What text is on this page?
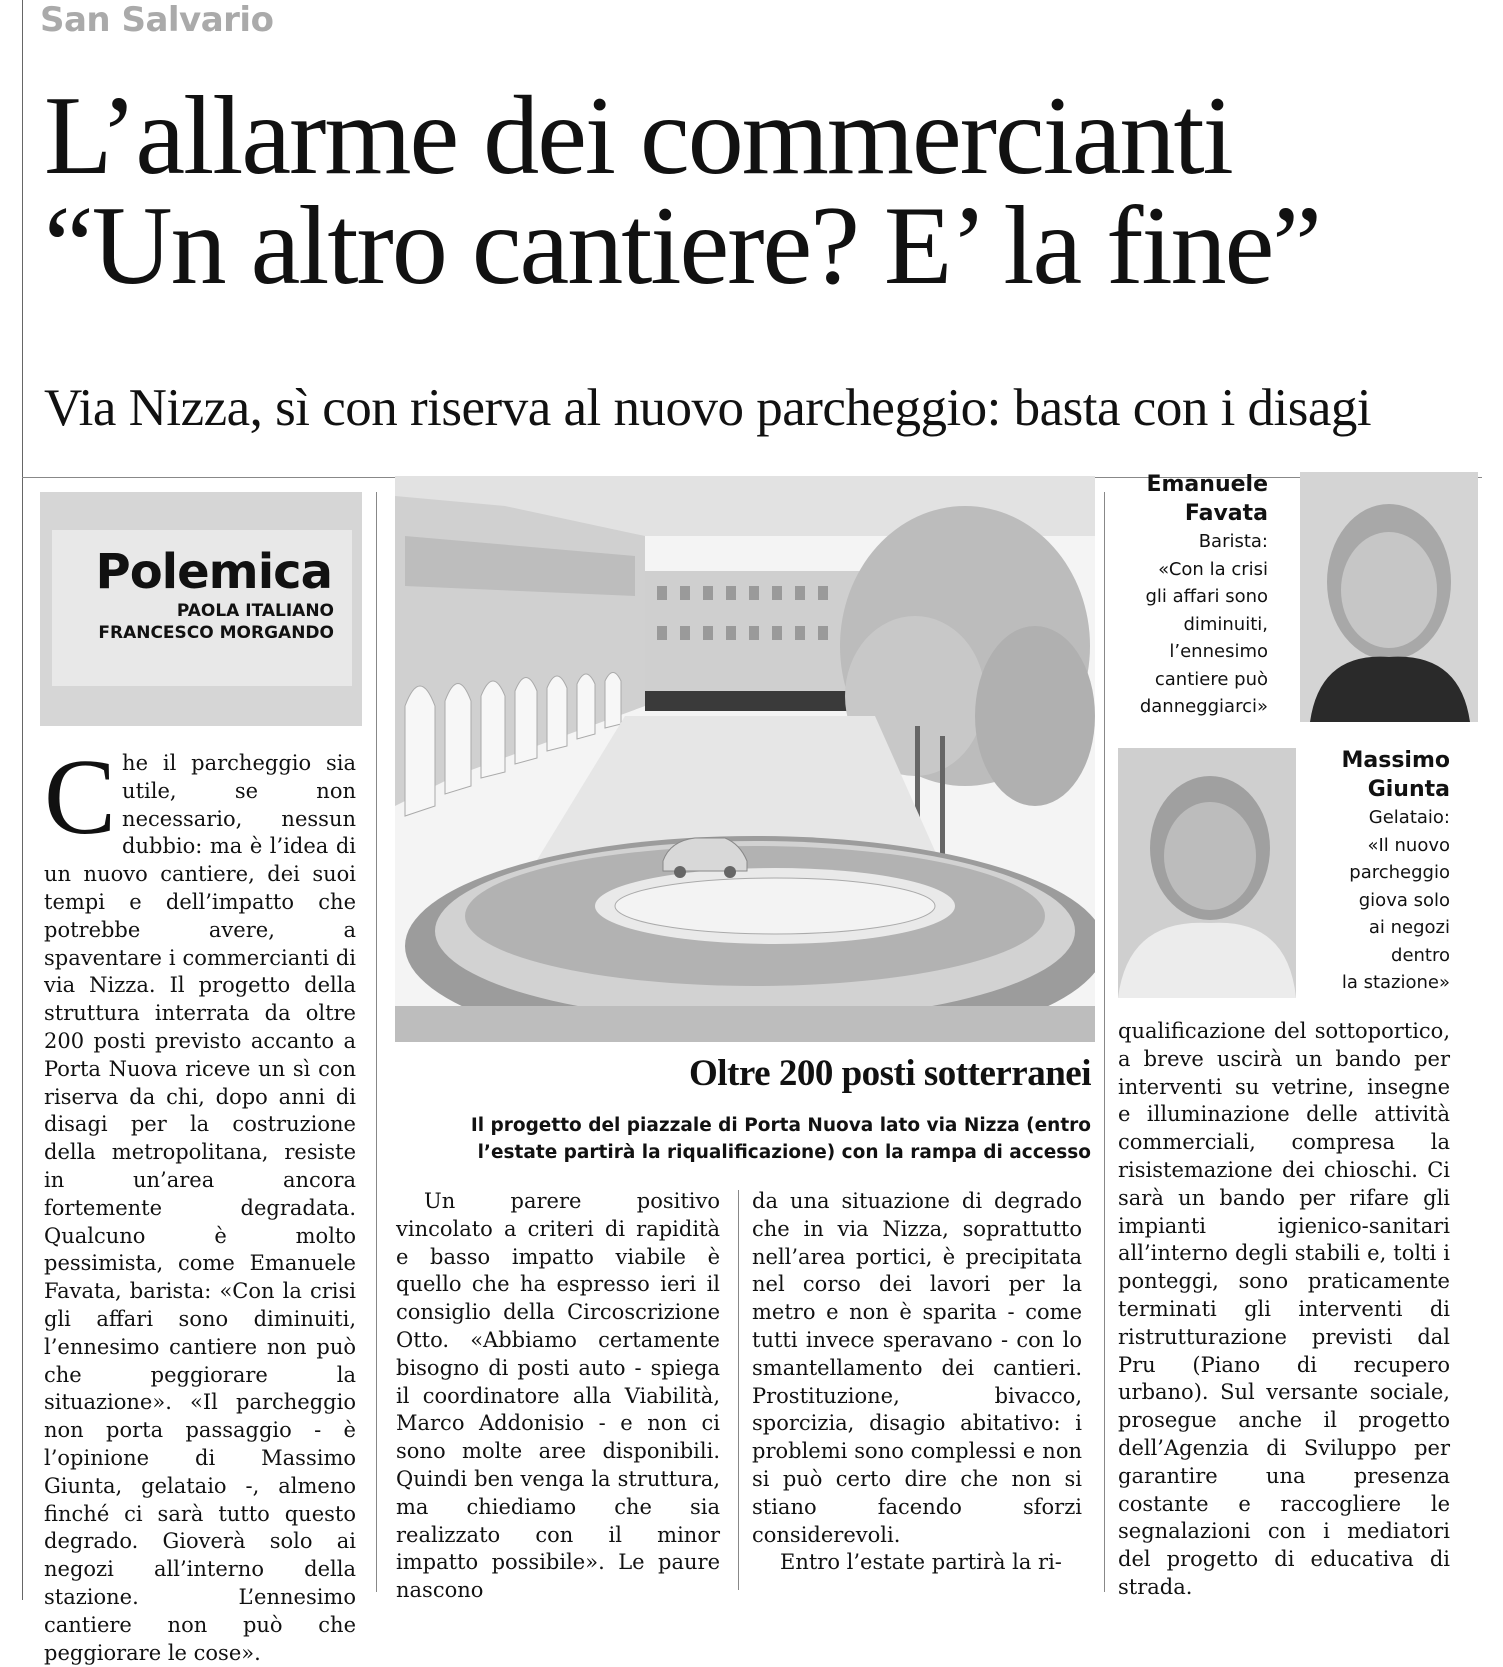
San Salvario
L’allarme dei commercianti
“Un altro cantiere? E’ la fine”
Via Nizza, sì con riserva al nuovo parcheggio: basta con i disagi
Polemica
PAOLA ITALIANO
FRANCESCO MORGANDO
C he il parcheggio sia utile, se non necessario, nessun dubbio: ma è l’idea di un nuovo cantiere, dei suoi tempi e dell’impatto che potrebbe avere, a spaventare i commercianti di via Nizza. Il progetto della struttura interrata da oltre 200 posti previsto accanto a Porta Nuova riceve un sì con riserva da chi, dopo anni di disagi per la costruzione della metropolitana, resiste in un’area ancora fortemente degradata. Qualcuno è molto pessimista, come Emanuele Favata, barista: «Con la crisi gli affari sono diminuiti, l’ennesimo cantiere non può che peggiorare la situazione». «Il parcheggio non porta passaggio - è l’opinione di Massimo Giunta, gelataio -, almeno finché ci sarà tutto questo degrado. Gioverà solo ai negozi all’interno della stazione. L’ennesimo cantiere non può che peggiorare le cose».
Oltre 200 posti sotterranei
Il progetto del piazzale di Porta Nuova lato via Nizza (entro l’estate partirà la riqualificazione) con la rampa di accesso

Un parere positivo vincolato a criteri di rapidità e basso impatto viabile è quello che ha espresso ieri il consiglio della Circoscrizione Otto. «Abbiamo certamente bisogno di posti auto - spiega il coordinatore alla Viabilità, Marco Addonisio - e non ci sono molte aree disponibili. Quindi ben venga la struttura, ma chiediamo che sia realizzato con il minor impatto possibile». Le paure nascono

da una situazione di degrado che in via Nizza, soprattutto nell’area portici, è precipitata nel corso dei lavori per la metro e non è sparita - come tutti invece speravano - con lo smantellamento dei cantieri. Prostituzione, bivacco, sporcizia, disagio abitativo: i problemi sono complessi e non si può certo dire che non si stiano facendo sforzi considerevoli.

Entro l’estate partirà la ri-

Emanuele
Favata
Barista:
«Con la crisi
gli affari sono
diminuiti,
l’ennesimo
cantiere può
danneggiarci»
Massimo
Giunta
Gelataio:
«Il nuovo
parcheggio
giova solo
ai negozi
dentro
la stazione»

qualificazione del sottoportico, a breve uscirà un bando per interventi su vetrine, insegne e illuminazione delle attività commerciali, compresa la risistemazione dei chioschi. Ci sarà un bando per rifare gli impianti igienico-sanitari all’interno degli stabili e, tolti i ponteggi, sono praticamente terminati gli interventi di ristrutturazione previsti dal Pru (Piano di recupero urbano). Sul versante sociale, prosegue anche il progetto dell’Agenzia di Sviluppo per garantire una presenza costante e raccogliere le segnalazioni con i mediatori del progetto di educativa di strada.
